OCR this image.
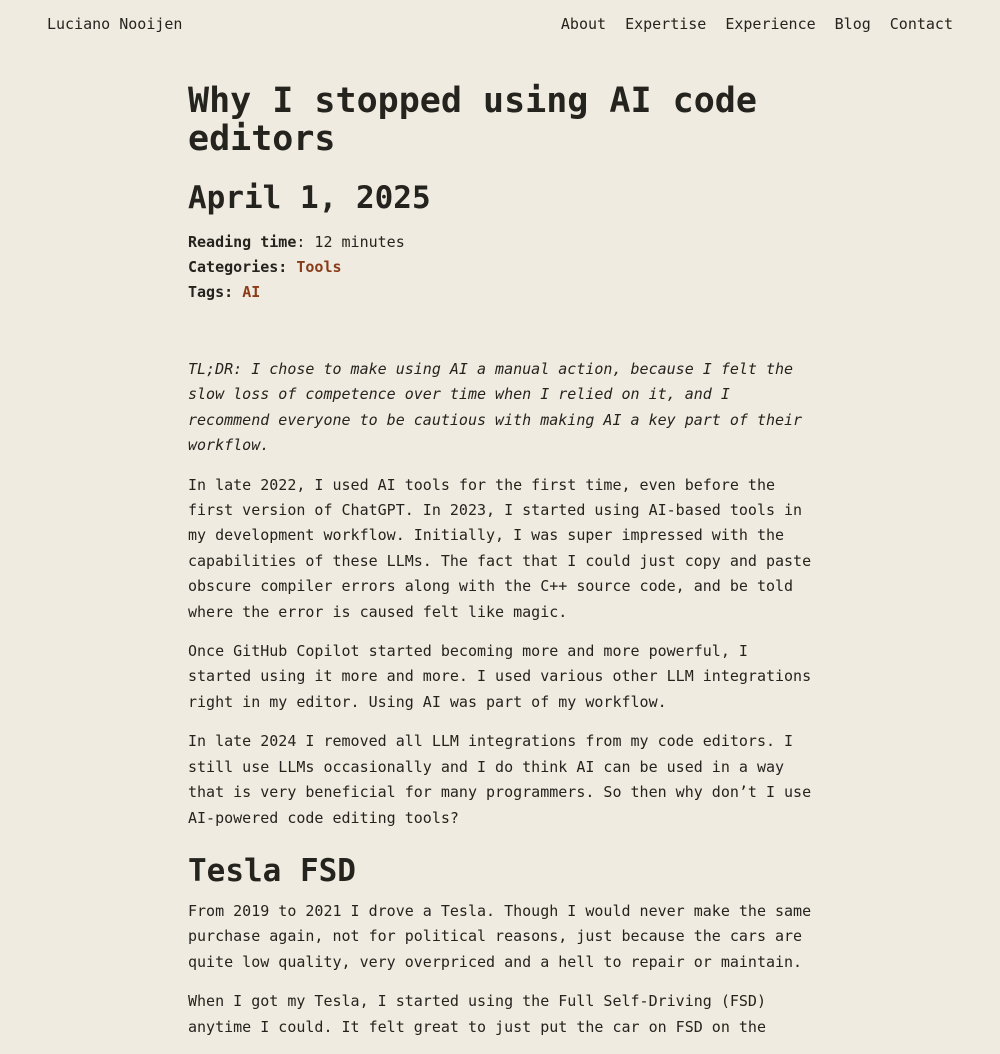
Luciano Nooijen	About Expertise Experience Blog Contact
Why I stopped using AI code editors
April 1, 2025
Reading time: 12 minutes
Categories: Tools
Tags: AI

TL;DR: I chose to make using AI a manual action, because I felt the slow loss of competence over time when I relied on it, and I recommend everyone to be cautious with making AI a key part of their workflow.

In late 2022, I used AI tools for the first time, even before the first version of ChatGPT. In 2023, I started using AI-based tools in my development workflow. Initially, I was super impressed with the capabilities of these LLMs. The fact that I could just copy and paste obscure compiler errors along with the C++ source code, and be told where the error is caused felt like magic.

Once GitHub Copilot started becoming more and more powerful, I started using it more and more. I used various other LLM integrations right in my editor. Using AI was part of my workflow.

In late 2024 I removed all LLM integrations from my code editors. I still use LLMs occasionally and I do think AI can be used in a way that is very beneficial for many programmers. So then why don’t I use AI-powered code editing tools?

Tesla FSD

From 2019 to 2021 I drove a Tesla. Though I would never make the same purchase again, not for political reasons, just because the cars are quite low quality, very overpriced and a hell to repair or maintain.

When I got my Tesla, I started using the Full Self-Driving (FSD) anytime I could. It felt great to just put the car on FSD on the
